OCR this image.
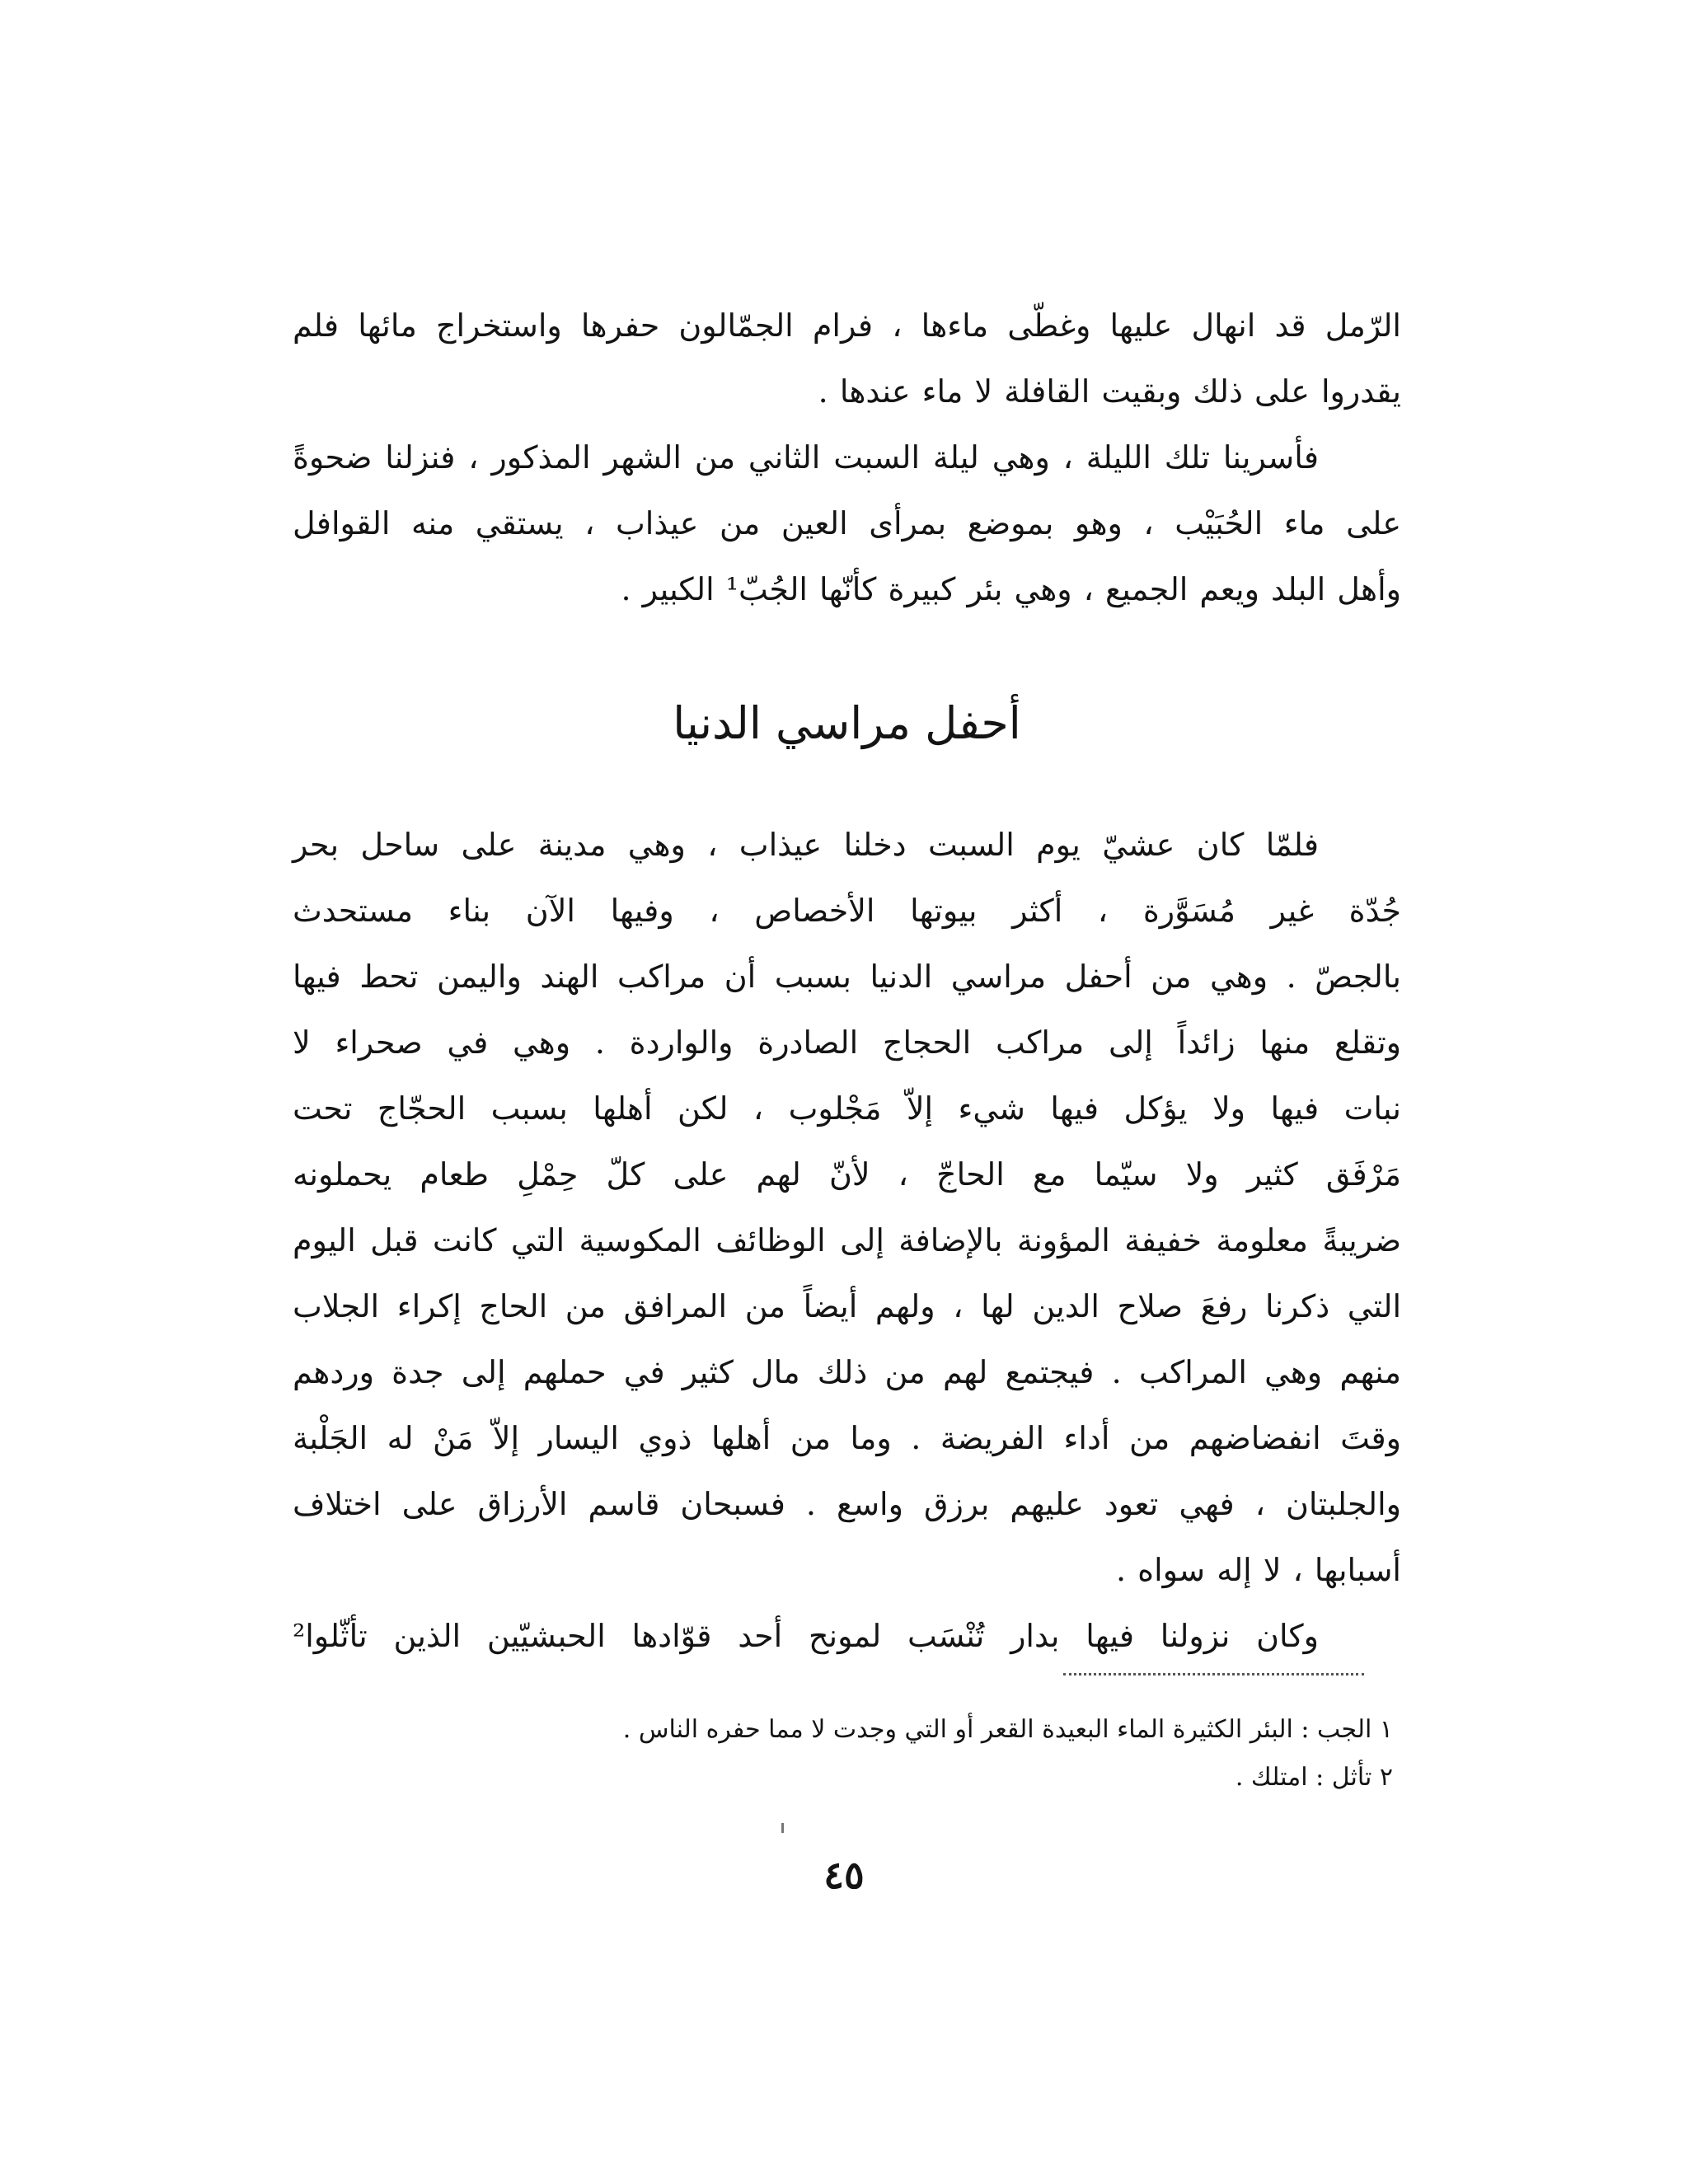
الرّمل قد انهال عليها وغطّى ماءها ، فرام الجمّالون حفرها واستخراج مائها فلم
يقدروا على ذلك وبقيت القافلة لا ماء عندها .
فأسرينا تلك الليلة ، وهي ليلة السبت الثاني من الشهر المذكور ، فنزلنا ضحوةً
على ماء الحُبَيْب ، وهو بموضع بمرأى العين من عيذاب ، يستقي منه القوافل
وأهل البلد ويعم الجميع ، وهي بئر كبيرة كأنّها الجُبّ¹ الكبير .
أحفل مراسي الدنيا
فلمّا كان عشيّ يوم السبت دخلنا عيذاب ، وهي مدينة على ساحل بحر
جُدّة غير مُسَوَّرة ، أكثر بيوتها الأخصاص ، وفيها الآن بناء مستحدث
بالجصّ . وهي من أحفل مراسي الدنيا بسبب أن مراكب الهند واليمن تحط فيها
وتقلع منها زائداً إلى مراكب الحجاج الصادرة والواردة . وهي في صحراء لا
نبات فيها ولا يؤكل فيها شيء إلاّ مَجْلوب ، لكن أهلها بسبب الحجّاج تحت
مَرْفَق كثير ولا سيّما مع الحاجّ ، لأنّ لهم على كلّ حِمْلِ طعام يحملونه
ضريبةً معلومة خفيفة المؤونة بالإضافة إلى الوظائف المكوسية التي كانت قبل اليوم
التي ذكرنا رفعَ صلاح الدين لها ، ولهم أيضاً من المرافق من الحاج إكراء الجلاب
منهم وهي المراكب . فيجتمع لهم من ذلك مال كثير في حملهم إلى جدة وردهم
وقتَ انفضاضهم من أداء الفريضة . وما من أهلها ذوي اليسار إلاّ مَنْ له الجَلْبة
والجلبتان ، فهي تعود عليهم برزق واسع . فسبحان قاسم الأرزاق على اختلاف
أسبابها ، لا إله سواه .
وكان نزولنا فيها بدار تُنْسَب لمونح أحد قوّادها الحبشيّين الذين تأثّلوا²
١ الجب : البئر الكثيرة الماء البعيدة القعر أو التي وجدت لا مما حفره الناس .
٢ تأثل : امتلك .
٤٥
